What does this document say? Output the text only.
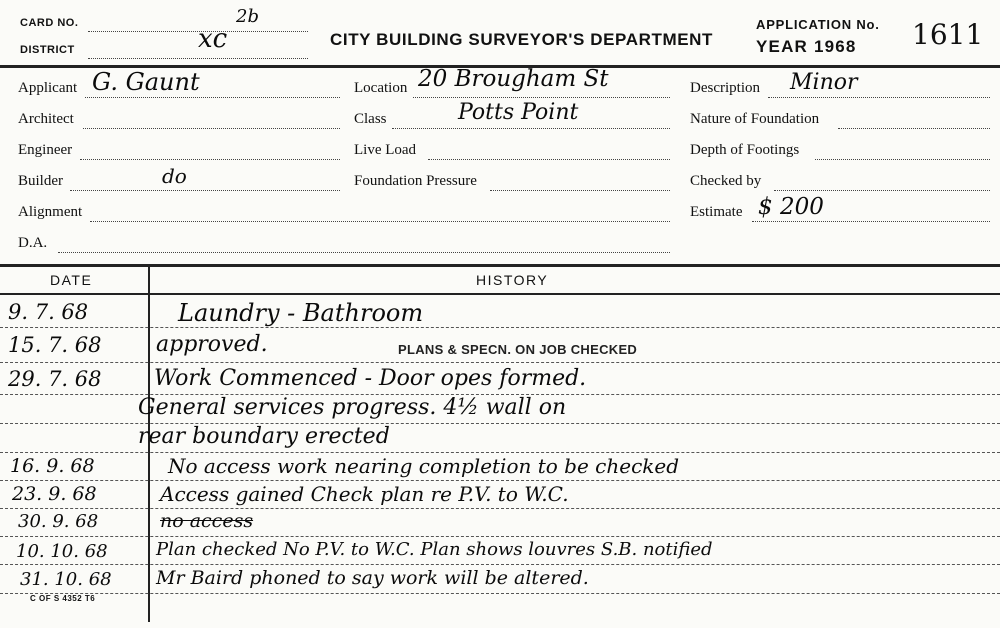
CARD NO.
DISTRICT	xc
2b
CITY BUILDING SURVEYOR'S DEPARTMENT
APPLICATION No.
YEAR 1968 1611
Applicant G. Gaunt
Architect
Engineer
Builder	do
Alignment
D.A.
Location 20 Brougham St
Class	Potts Point
Live Load
Foundation Pressure
Description Minor
Nature of Foundation
Depth of Footings
Checked by
Estimate $ 200
DATE	HISTORY
9. 7. 68	Laundry - Bathroom
15. 7. 68 approved.	PLANS & SPECN. ON JOB CHECKED
29. 7. 68 Work Commenced - Door opes formed.
General services progress. 4½ wall on
rear boundary erected
16. 9. 68	No access work nearing completion to be checked
23. 9. 68	Access gained Check plan re P.V. to W.C.
30. 9. 68	no access
10. 10. 68	Plan checked No P.V. to W.C. Plan shows louvres S.B. notified
31. 10. 68 Mr Baird phoned to say work will be altered.
C OF S 4352 T6
